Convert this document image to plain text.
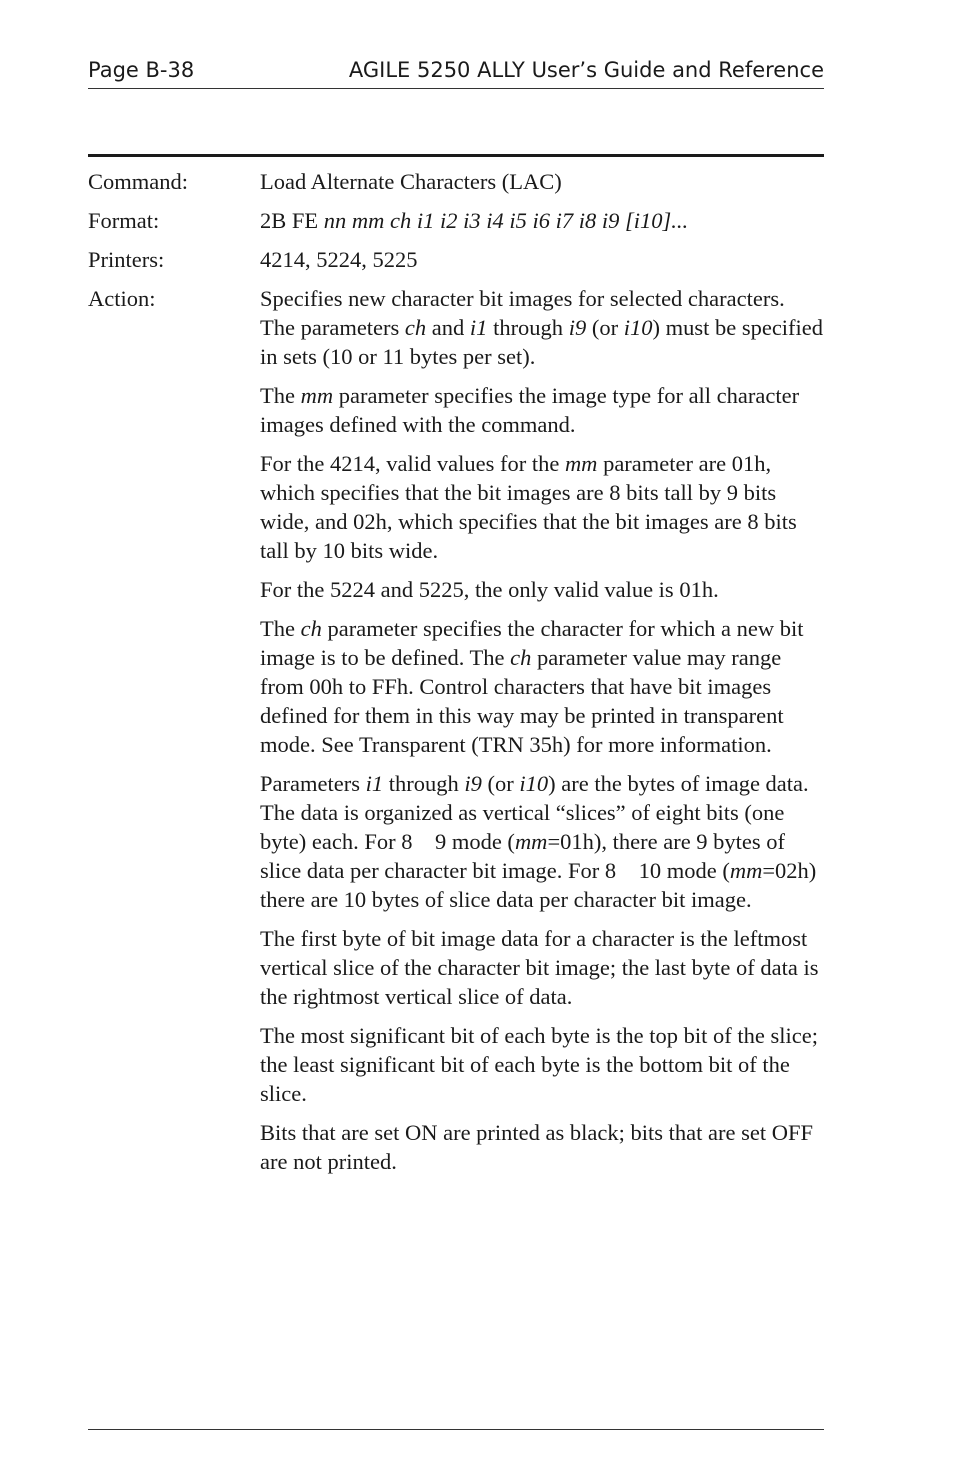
Page B-38	AGILE 5250 ALLY User’s Guide and Reference
Command:	Load Alternate Characters (LAC)
Format:	2B FE nn mm ch i1 i2 i3 i4 i5 i6 i7 i8 i9 [i10]...
Printers:	4214, 5224, 5225
Action:	Specifies new character bit images for selected characters. The parameters ch and i1 through i9 (or i10) must be specified in sets (10 or 11 bytes per set).

The mm parameter specifies the image type for all character images defined with the command.

For the 4214, valid values for the mm parameter are 01h, which specifies that the bit images are 8 bits tall by 9 bits wide, and 02h, which specifies that the bit images are 8 bits tall by 10 bits wide.

For the 5224 and 5225, the only valid value is 01h.

The ch parameter specifies the character for which a new bit image is to be defined. The ch parameter value may range from 00h to FFh. Control characters that have bit images defined for them in this way may be printed in transparent mode. See Transparent (TRN 35h) for more information.

Parameters i1 through i9 (or i10) are the bytes of image data. The data is organized as vertical “slices” of eight bits (one byte) each. For 8    9 mode (mm=01h), there are 9 bytes of slice data per character bit image. For 8    10 mode (mm=02h) there are 10 bytes of slice data per character bit image.

The first byte of bit image data for a character is the leftmost vertical slice of the character bit image; the last byte of data is the rightmost vertical slice of data.

The most significant bit of each byte is the top bit of the slice; the least significant bit of each byte is the bottom bit of the slice.

Bits that are set ON are printed as black; bits that are set OFF are not printed.
